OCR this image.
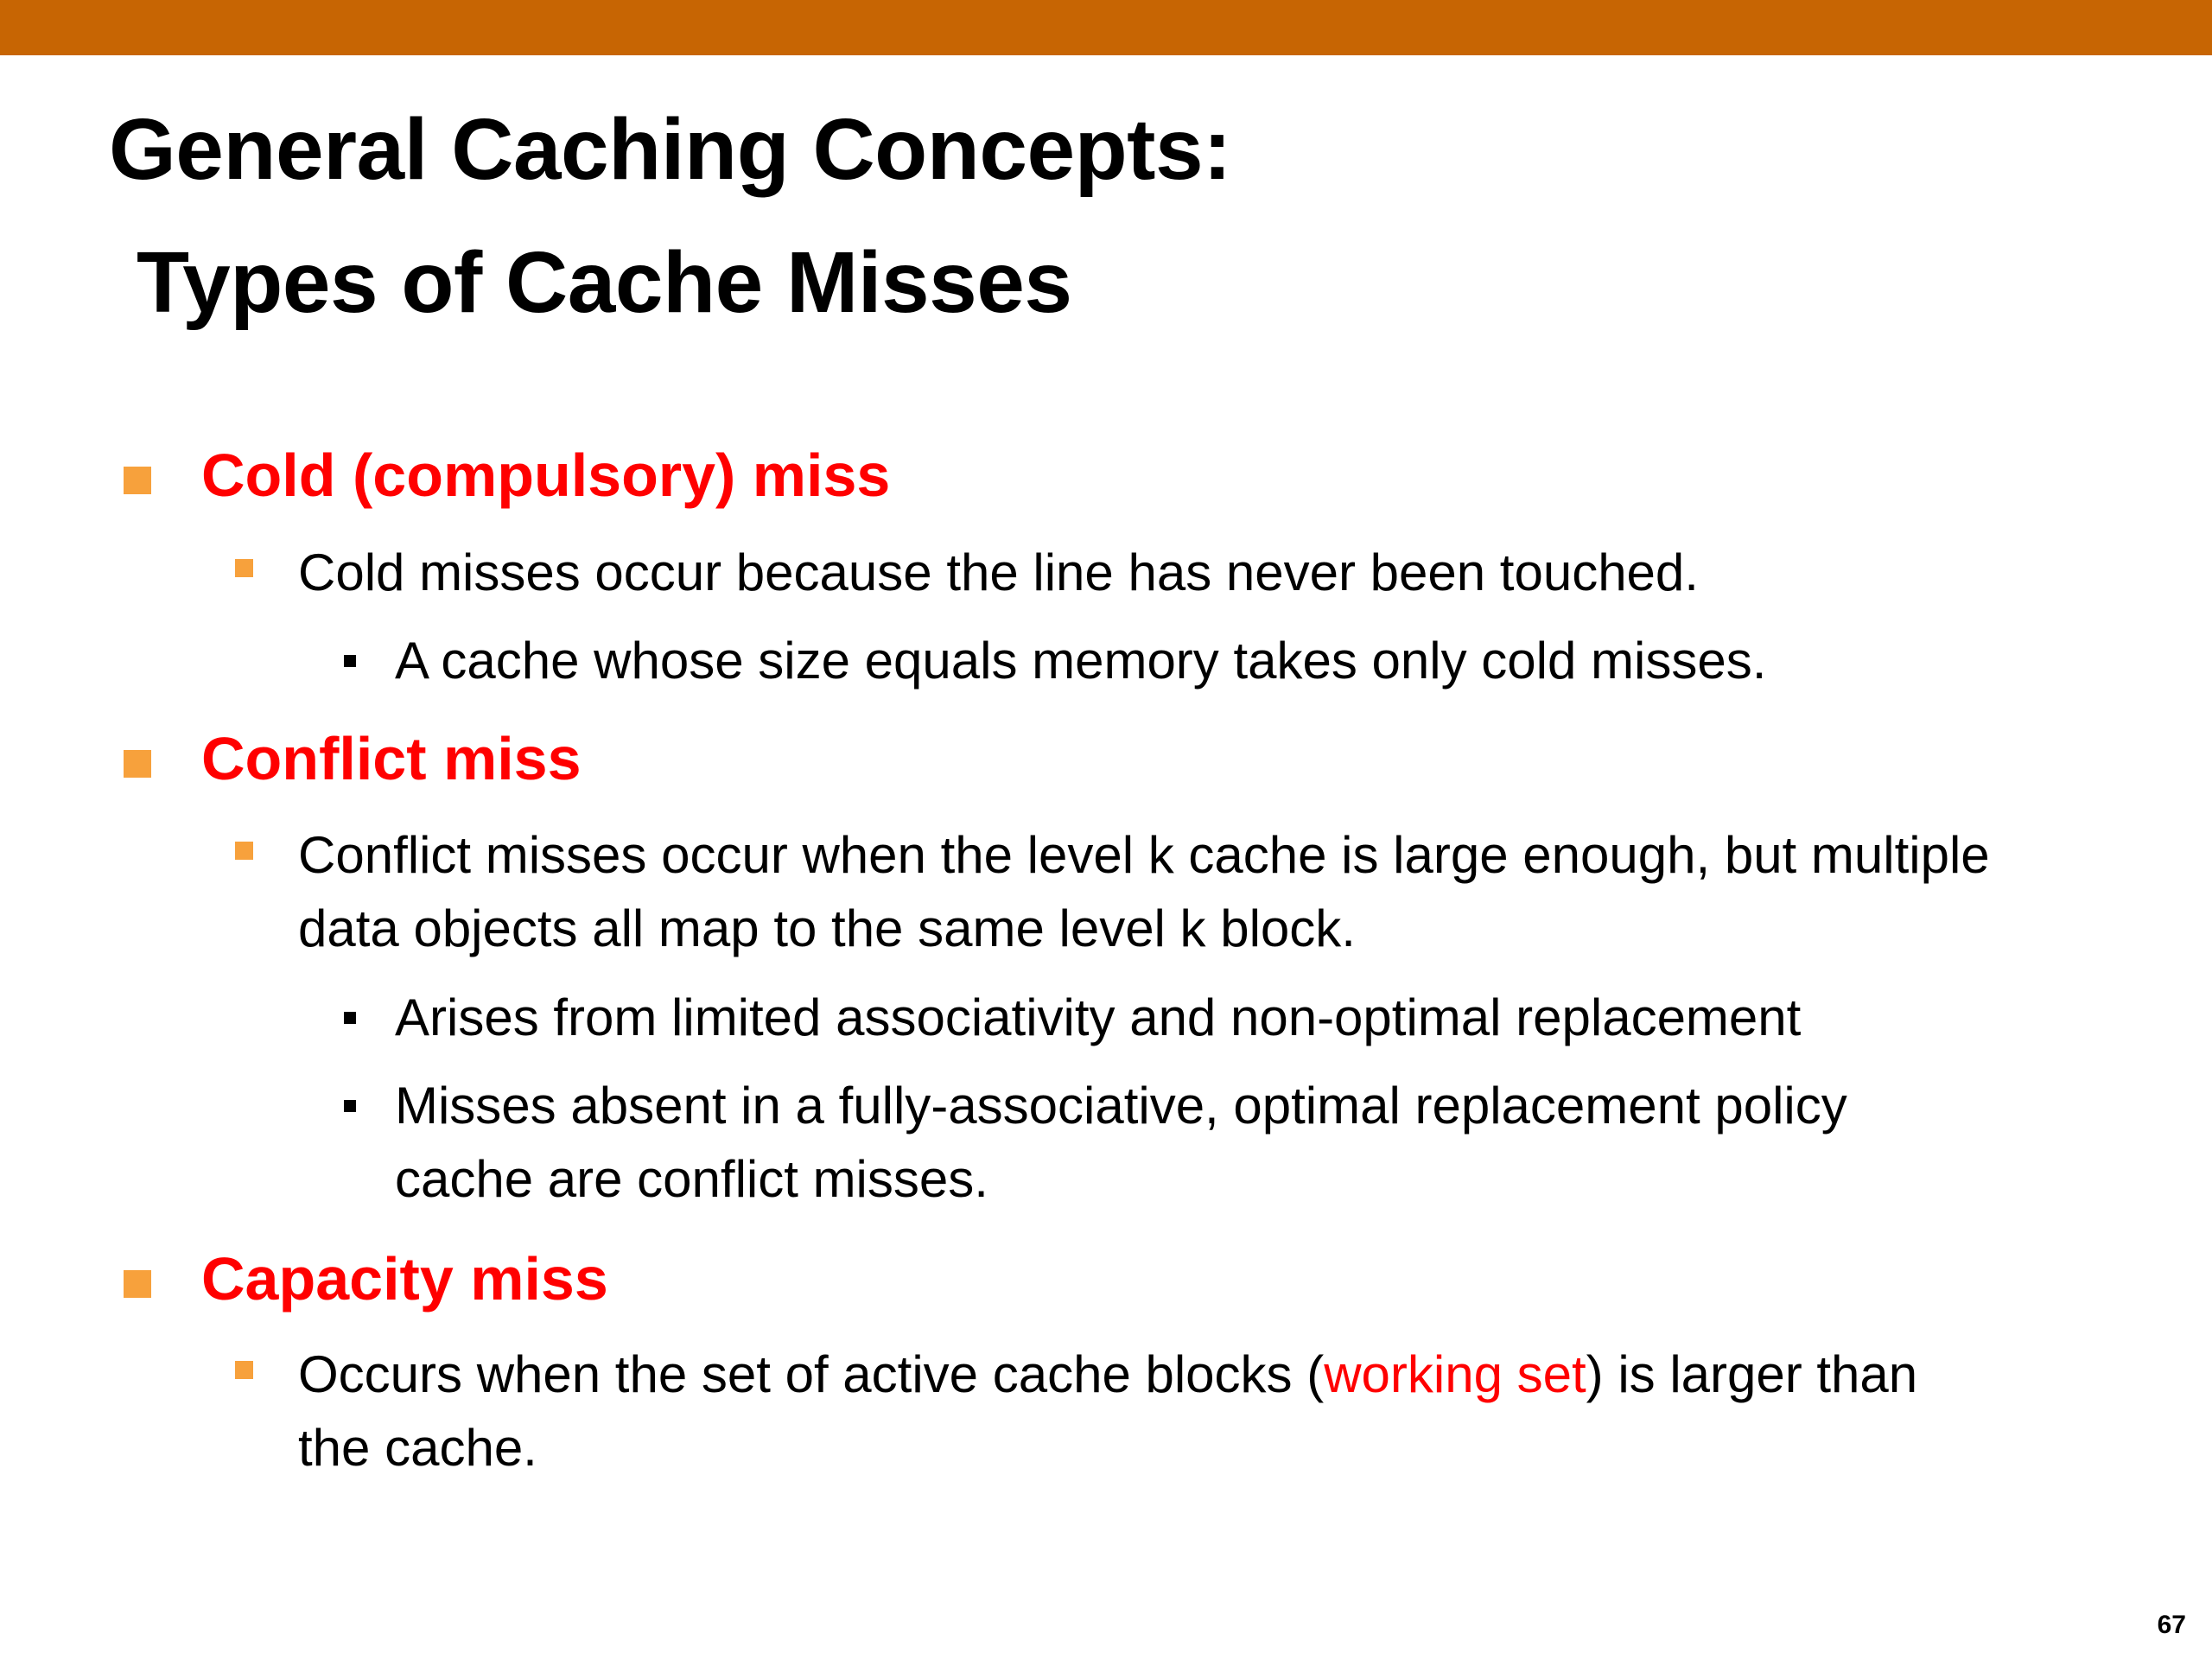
General Caching Concepts:
Types of Cache Misses
Cold (compulsory) miss
Cold misses occur because the line has never been touched.
A cache whose size equals memory takes only cold misses.
Conflict miss
Conflict misses occur when the level k cache is large enough, but multiple
data objects all map to the same level k block.
Arises from limited associativity and non-optimal replacement
Misses absent in a fully-associative, optimal replacement policy
cache are conflict misses.
Capacity miss
Occurs when the set of active cache blocks (working set) is larger than
the cache.
67
